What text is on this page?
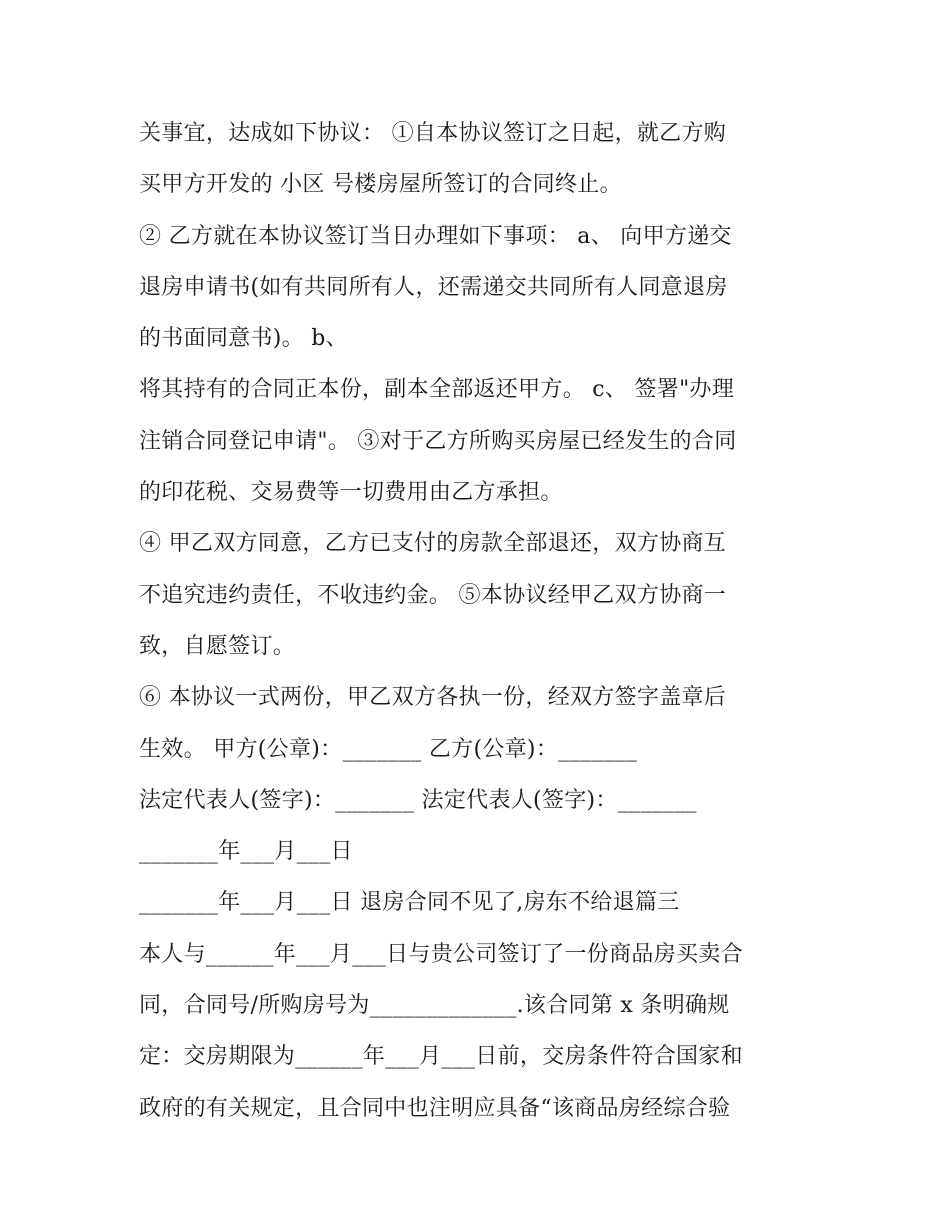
关事宜，达成如下协议： ①自本协议签订之日起，就乙方购
买甲方开发的 小区 号楼房屋所签订的合同终止。
② 乙方就在本协议签订当日办理如下事项： a、 向甲方递交
退房申请书(如有共同所有人，还需递交共同所有人同意退房
的书面同意书)。 b、
将其持有的合同正本份，副本全部返还甲方。 c、 签署"办理
注销合同登记申请"。 ③对于乙方所购买房屋已经发生的合同
的印花税、交易费等一切费用由乙方承担。
④ 甲乙双方同意，乙方已支付的房款全部退还，双方协商互
不追究违约责任，不收违约金。 ⑤本协议经甲乙双方协商一
致，自愿签订。
⑥ 本协议一式两份，甲乙双方各执一份，经双方签字盖章后
生效。 甲方(公章)：_______ 乙方(公章)：_______
法定代表人(签字)：_______ 法定代表人(签字)：_______
_______年___月___日
_______年___月___日 退房合同不见了,房东不给退篇三
本人与______年___月___日与贵公司签订了一份商品房买卖合
同，合同号/所购房号为_____________.该合同第 x 条明确规
定：交房期限为______年___月___日前，交房条件符合国家和
政府的有关规定，且合同中也注明应具备“该商品房经综合验
